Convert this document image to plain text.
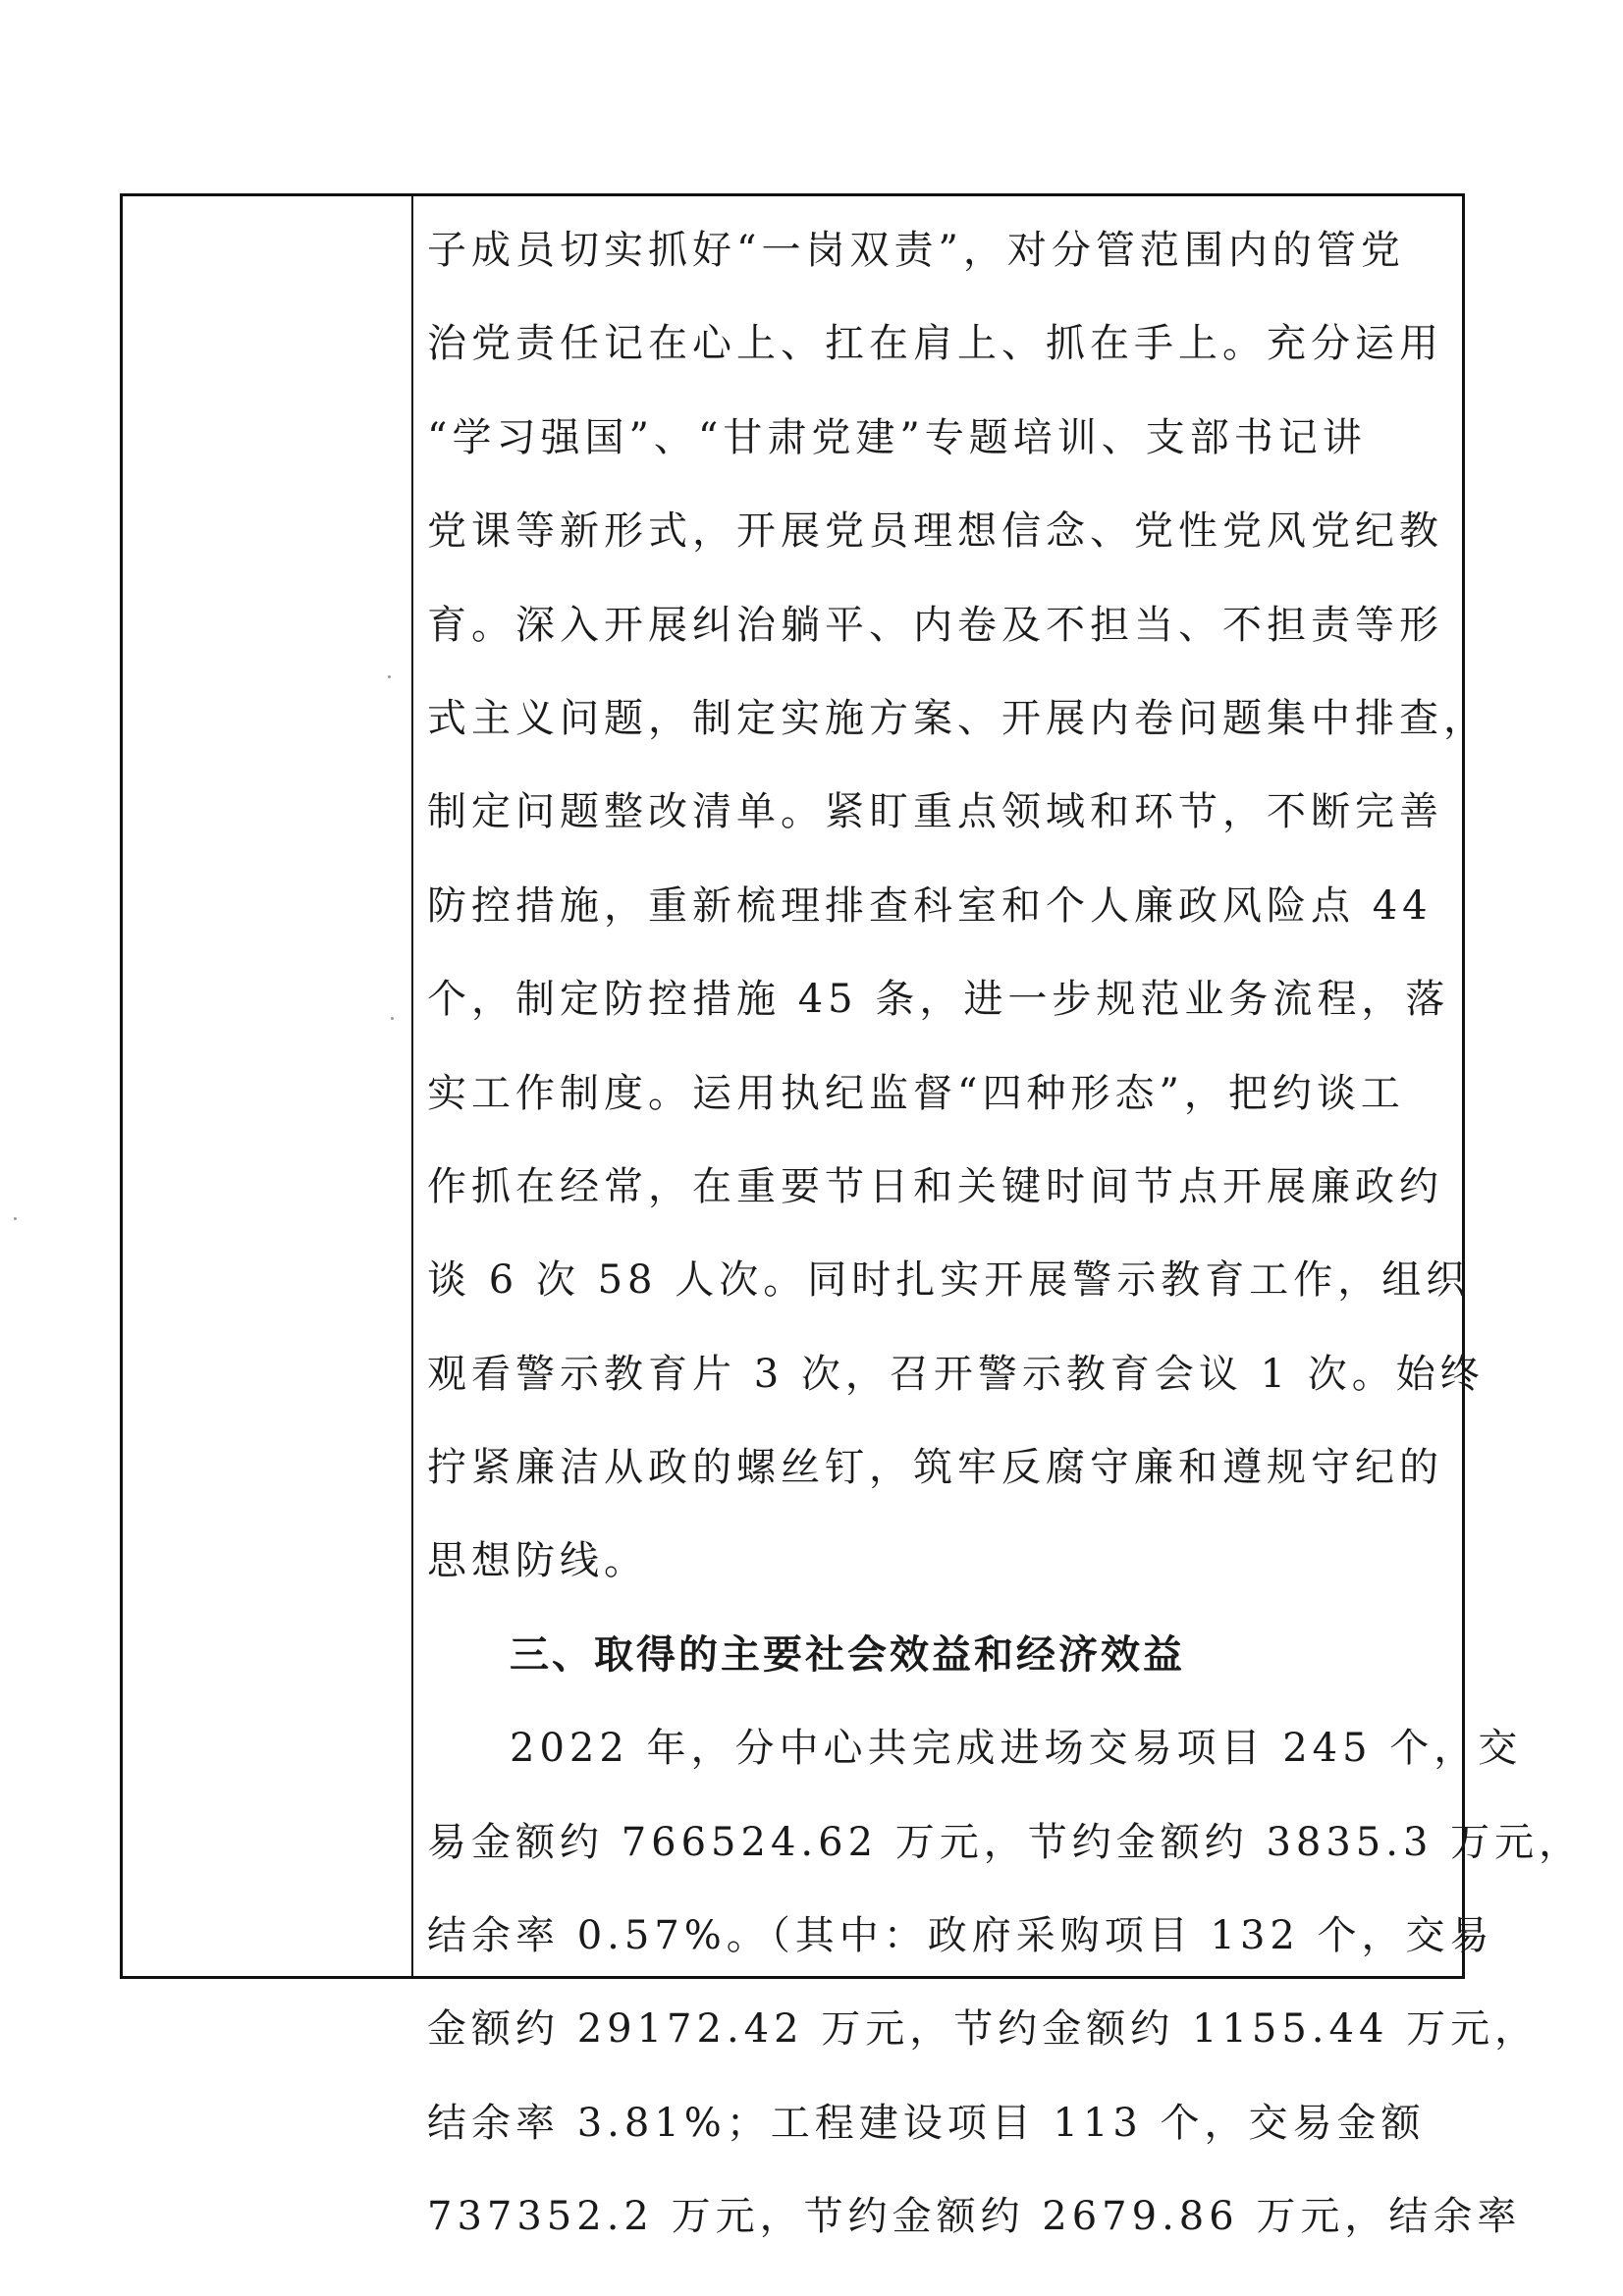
子成员切实抓好“一岗双责”，对分管范围内的管党
治党责任记在心上、扛在肩上、抓在手上。充分运用
“学习强国”、“甘肃党建”专题培训、支部书记讲
党课等新形式，开展党员理想信念、党性党风党纪教
育。深入开展纠治躺平、内卷及不担当、不担责等形
式主义问题，制定实施方案、开展内卷问题集中排查，
制定问题整改清单。紧盯重点领域和环节，不断完善
防控措施，重新梳理排查科室和个人廉政风险点 44
个，制定防控措施 45 条，进一步规范业务流程，落
实工作制度。运用执纪监督“四种形态”，把约谈工
作抓在经常，在重要节日和关键时间节点开展廉政约
谈 6 次 58 人次。同时扎实开展警示教育工作，组织
观看警示教育片 3 次，召开警示教育会议 1 次。始终
拧紧廉洁从政的螺丝钉，筑牢反腐守廉和遵规守纪的
思想防线。
三、取得的主要社会效益和经济效益
2022 年，分中心共完成进场交易项目 245 个，交
易金额约 766524.62 万元，节约金额约 3835.3 万元，
结余率 0.57%。（其中：政府采购项目 132 个，交易
金额约 29172.42 万元，节约金额约 1155.44 万元，
结余率 3.81%；工程建设项目 113 个，交易金额
737352.2 万元，节约金额约 2679.86 万元，结余率
